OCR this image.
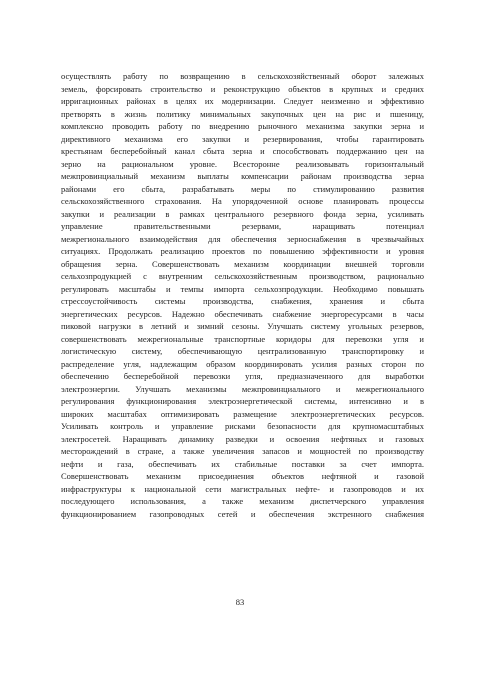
осуществлять работу по возвращению в сельскохозяйственный оборот залежных
земель, форсировать строительство и реконструкцию объектов в крупных и средних
ирригационных районах в целях их модернизации. Следует неизменно и эффективно
претворять в жизнь политику минимальных закупочных цен на рис и пшеницу,
комплексно проводить работу по внедрению рыночного механизма закупки зерна и
директивного механизма его закупки и резервирования, чтобы гарантировать
крестьянам бесперебойный канал сбыта зерна и способствовать поддержанию цен на
зерно на рациональном уровне. Всесторонне реализовывать горизонтальный
межпровинциальный механизм выплаты компенсации районам производства зерна
районами его сбыта, разрабатывать меры по стимулированию развития
сельскохозяйственного страхования. На упорядоченной основе планировать процессы
закупки и реализации в рамках центрального резервного фонда зерна, усиливать
управление правительственными резервами, наращивать потенциал
межрегионального взаимодействия для обеспечения зерноснабжения в чрезвычайных
ситуациях. Продолжать реализацию проектов по повышению эффективности и уровня
обращения зерна. Совершенствовать механизм координации внешней торговли
сельхозпродукцией с внутренним сельскохозяйственным производством, рационально
регулировать масштабы и темпы импорта сельхозпродукции. Необходимо повышать
стрессоустойчивость системы производства, снабжения, хранения и сбыта
энергетических ресурсов. Надежно обеспечивать снабжение энергоресурсами в часы
пиковой нагрузки в летний и зимний сезоны. Улучшать систему угольных резервов,
совершенствовать межрегиональные транспортные коридоры для перевозки угля и
логистическую систему, обеспечивающую централизованную транспортировку и
распределение угля, надлежащим образом координировать усилия разных сторон по
обеспечению бесперебойной перевозки угля, предназначенного для выработки
электроэнергии. Улучшать механизмы межпровинциального и межрегионального
регулирования функционирования электроэнергетической системы, интенсивно и в
широких масштабах оптимизировать размещение электроэнергетических ресурсов.
Усиливать контроль и управление рисками безопасности для крупномасштабных
электросетей. Наращивать динамику разведки и освоения нефтяных и газовых
месторождений в стране, а также увеличения запасов и мощностей по производству
нефти и газа, обеспечивать их стабильные поставки за счет импорта.
Совершенствовать механизм присоединения объектов нефтяной и газовой
инфраструктуры к национальной сети магистральных нефте- и газопроводов и их
последующего использования, а также механизм диспетчерского управления
функционированием газопроводных сетей и обеспечения экстренного снабжения
83
